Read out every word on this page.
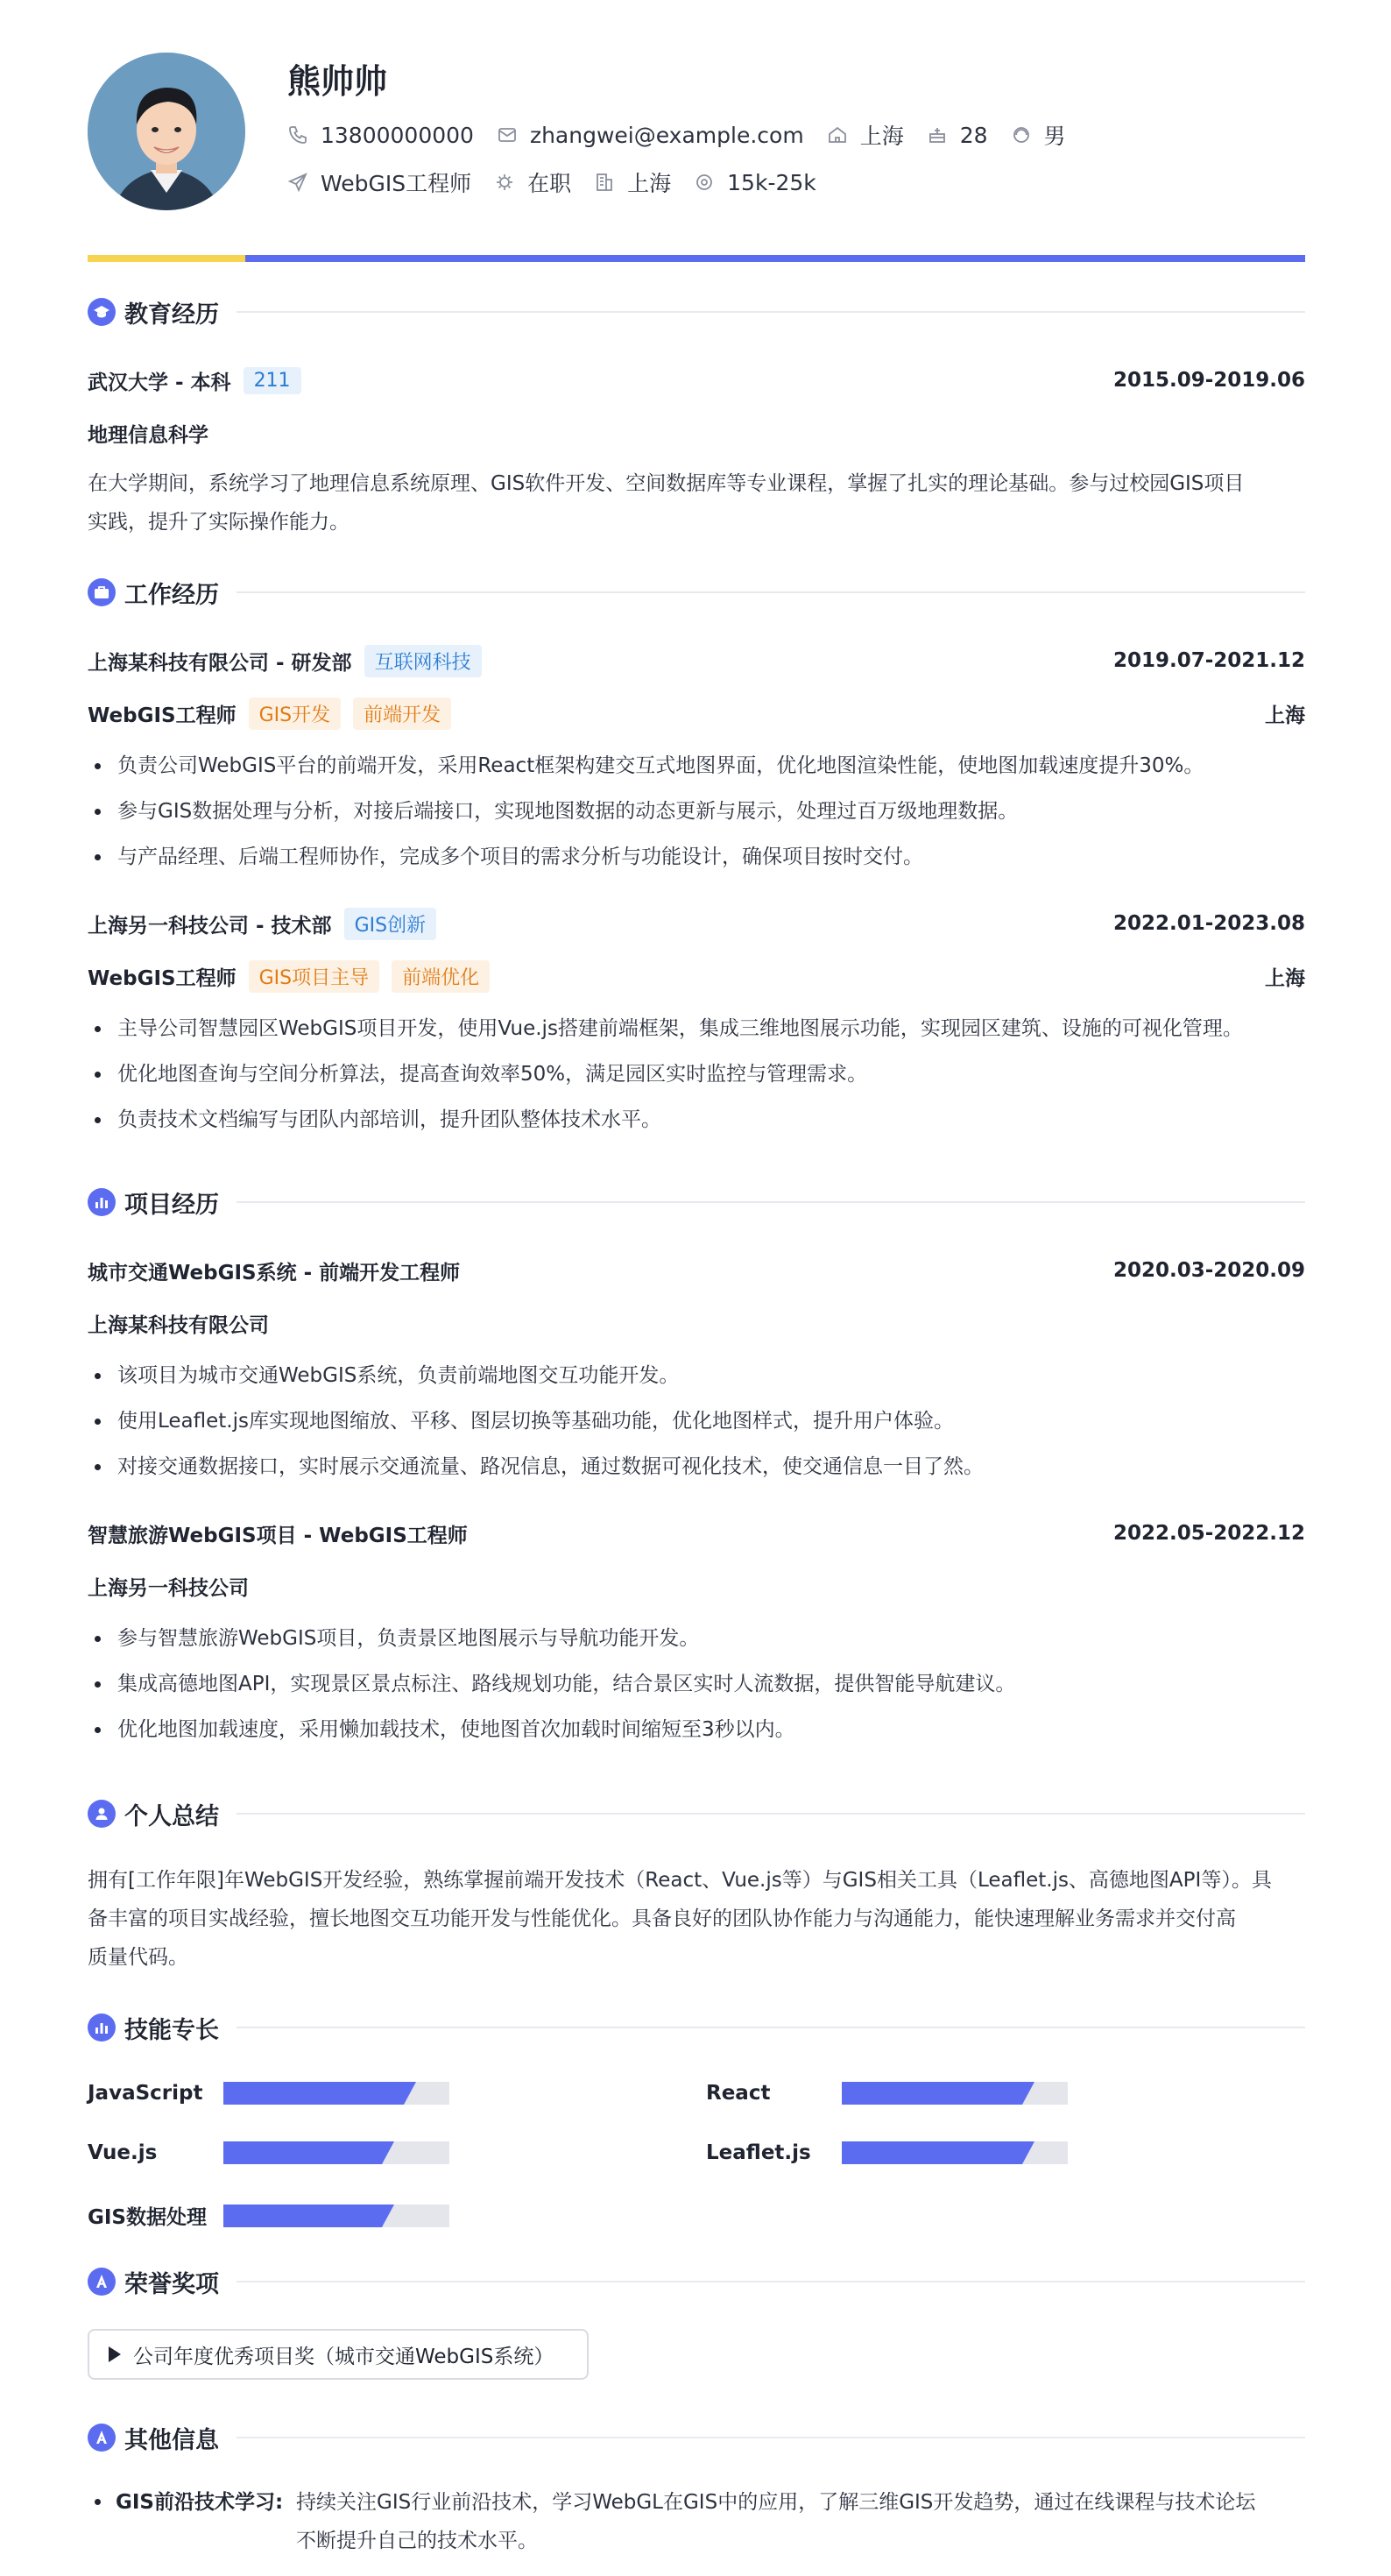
熊帅帅
13800000000	zhangwei@example.com	上海	28	男
WebGIS工程师	在职	上海	15k-25k
教育经历
武汉大学 - 本科	211	2015.09-2019.06
地理信息科学
在大学期间，系统学习了地理信息系统原理、GIS软件开发、空间数据库等专业课程，掌握了扎实的理论基础。参与过校园GIS项目
实践，提升了实际操作能力。
工作经历
上海某科技有限公司 - 研发部	互联网科技	2019.07-2021.12
WebGIS工程师	GIS开发	前端开发	上海
负责公司WebGIS平台的前端开发，采用React框架构建交互式地图界面，优化地图渲染性能，使地图加载速度提升30%。
参与GIS数据处理与分析，对接后端接口，实现地图数据的动态更新与展示，处理过百万级地理数据。
与产品经理、后端工程师协作，完成多个项目的需求分析与功能设计，确保项目按时交付。
上海另一科技公司 - 技术部	GIS创新	2022.01-2023.08
WebGIS工程师	GIS项目主导	前端优化	上海
主导公司智慧园区WebGIS项目开发，使用Vue.js搭建前端框架，集成三维地图展示功能，实现园区建筑、设施的可视化管理。
优化地图查询与空间分析算法，提高查询效率50%，满足园区实时监控与管理需求。
负责技术文档编写与团队内部培训，提升团队整体技术水平。
项目经历
城市交通WebGIS系统 - 前端开发工程师	2020.03-2020.09
上海某科技有限公司
该项目为城市交通WebGIS系统，负责前端地图交互功能开发。
使用Leaflet.js库实现地图缩放、平移、图层切换等基础功能，优化地图样式，提升用户体验。
对接交通数据接口，实时展示交通流量、路况信息，通过数据可视化技术，使交通信息一目了然。
智慧旅游WebGIS项目 - WebGIS工程师	2022.05-2022.12
上海另一科技公司
参与智慧旅游WebGIS项目，负责景区地图展示与导航功能开发。
集成高德地图API，实现景区景点标注、路线规划功能，结合景区实时人流数据，提供智能导航建议。
优化地图加载速度，采用懒加载技术，使地图首次加载时间缩短至3秒以内。
个人总结
拥有[工作年限]年WebGIS开发经验，熟练掌握前端开发技术（React、Vue.js等）与GIS相关工具（Leaflet.js、高德地图API等）。具
备丰富的项目实战经验，擅长地图交互功能开发与性能优化。具备良好的团队协作能力与沟通能力，能快速理解业务需求并交付高
质量代码。
技能专长
JavaScript	React
Vue.js	Leaflet.js
GIS数据处理
荣誉奖项
公司年度优秀项目奖（城市交通WebGIS系统）
其他信息
GIS前沿技术学习: 持续关注GIS行业前沿技术，学习WebGL在GIS中的应用，了解三维GIS开发趋势，通过在线课程与技术论坛
不断提升自己的技术水平。
